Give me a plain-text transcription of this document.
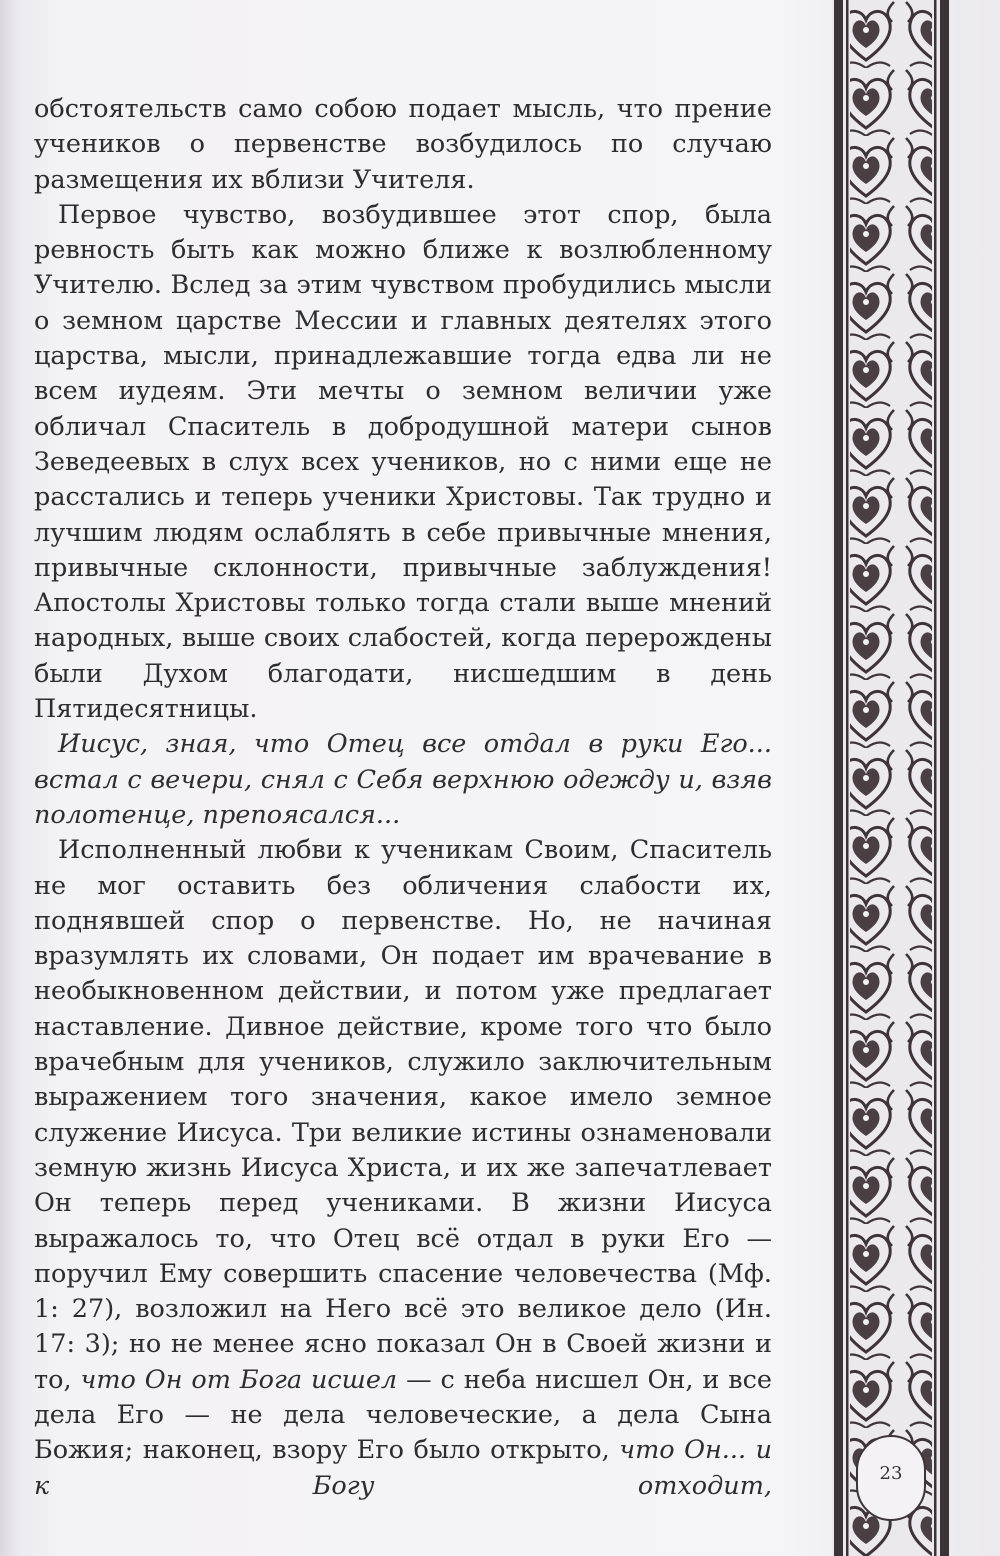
обстоятельств само собою подает мысль, что прение учеников о первенстве возбудилось по случаю размещения их вблизи Учителя.

Первое чувство, возбудившее этот спор, была ревность быть как можно ближе к возлюбленному Учителю. Вслед за этим чувством пробудились мысли о земном царстве Мессии и главных деятелях этого царства, мысли, принадлежавшие тогда едва ли не всем иудеям. Эти мечты о земном величии уже обличал Спаситель в добродушной матери сынов Зеведеевых в слух всех учеников, но с ними еще не расстались и теперь ученики Христовы. Так трудно и лучшим людям ослаблять в себе привычные мнения, привычные склонности, привычные заблуждения! Апостолы Христовы только тогда стали выше мнений народных, выше своих слабостей, когда перерождены были Духом благодати, нисшедшим в день Пятидесятницы.

Иисус, зная, что Отец все отдал в руки Его... встал с вечери, снял с Себя верхнюю одежду и, взяв полотенце, препоясался...

Исполненный любви к ученикам Своим, Спаситель не мог оставить без обличения слабости их, поднявшей спор о первенстве. Но, не начиная вразумлять их словами, Он подает им врачевание в необыкновенном действии, и потом уже предлагает наставление. Дивное действие, кроме того что было врачебным для учеников, служило заключительным выражением того значения, какое имело земное служение Иисуса. Три великие истины ознаменовали земную жизнь Иисуса Христа, и их же запечатлевает Он теперь перед учениками. В жизни Иисуса выражалось то, что Отец всё отдал в руки Его — поручил Ему совершить спасение человечества (Мф. 1: 27), возложил на Него всё это великое дело (Ин. 17: 3); но не менее ясно показал Он в Своей жизни и то, что Он от Бога исшел — с неба нисшел Он, и все дела Его — не дела человеческие, а дела Сына Божия; наконец, взору Его было открыто, что Он... и к Богу отходит,	23
